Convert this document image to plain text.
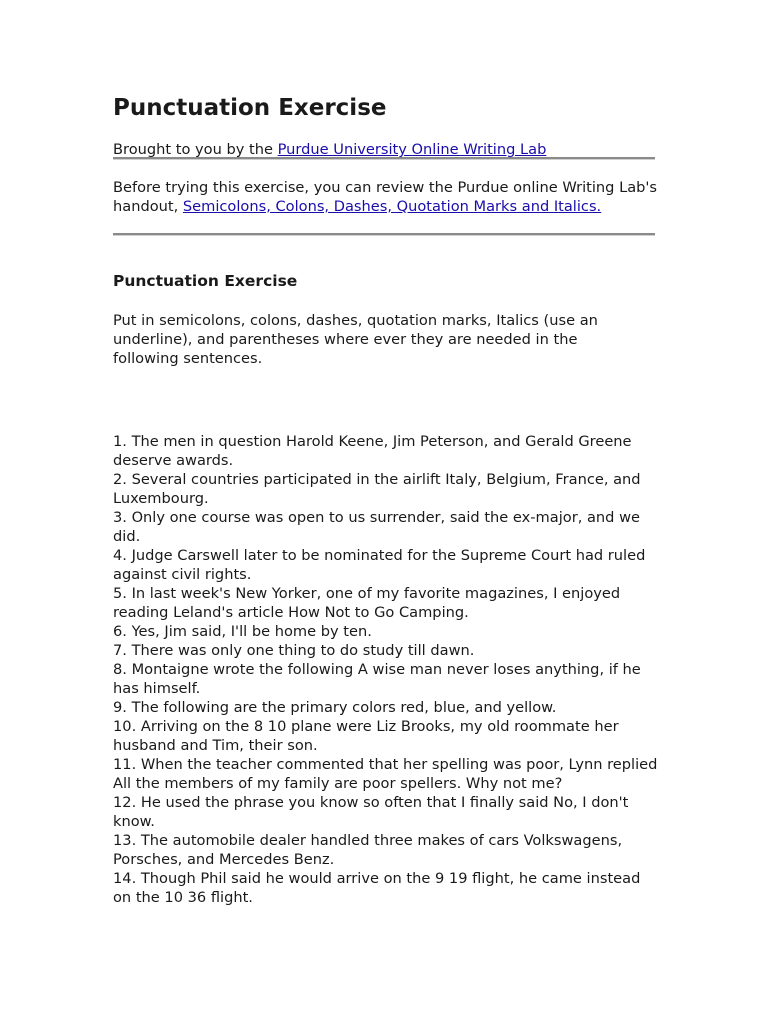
Punctuation Exercise

Brought to you by the Purdue University Online Writing Lab

Before trying this exercise, you can review the Purdue online Writing Lab's handout, Semicolons, Colons, Dashes, Quotation Marks and Italics.

Punctuation Exercise

Put in semicolons, colons, dashes, quotation marks, Italics (use an underline), and parentheses where ever they are needed in the following sentences.

1. The men in question Harold Keene, Jim Peterson, and Gerald Greene deserve awards.
2. Several countries participated in the airlift Italy, Belgium, France, and Luxembourg.
3. Only one course was open to us surrender, said the ex-major, and we did.
4. Judge Carswell later to be nominated for the Supreme Court had ruled against civil rights.
5. In last week's New Yorker, one of my favorite magazines, I enjoyed reading Leland's article How Not to Go Camping.
6. Yes, Jim said, I'll be home by ten.
7. There was only one thing to do study till dawn.
8. Montaigne wrote the following A wise man never loses anything, if he has himself.
9. The following are the primary colors red, blue, and yellow.
10. Arriving on the 8 10 plane were Liz Brooks, my old roommate her husband and Tim, their son.
11. When the teacher commented that her spelling was poor, Lynn replied All the members of my family are poor spellers. Why not me?
12. He used the phrase you know so often that I finally said No, I don't know.
13. The automobile dealer handled three makes of cars Volkswagens, Porsches, and Mercedes Benz.
14. Though Phil said he would arrive on the 9 19 flight, he came instead on the 10 36 flight.
